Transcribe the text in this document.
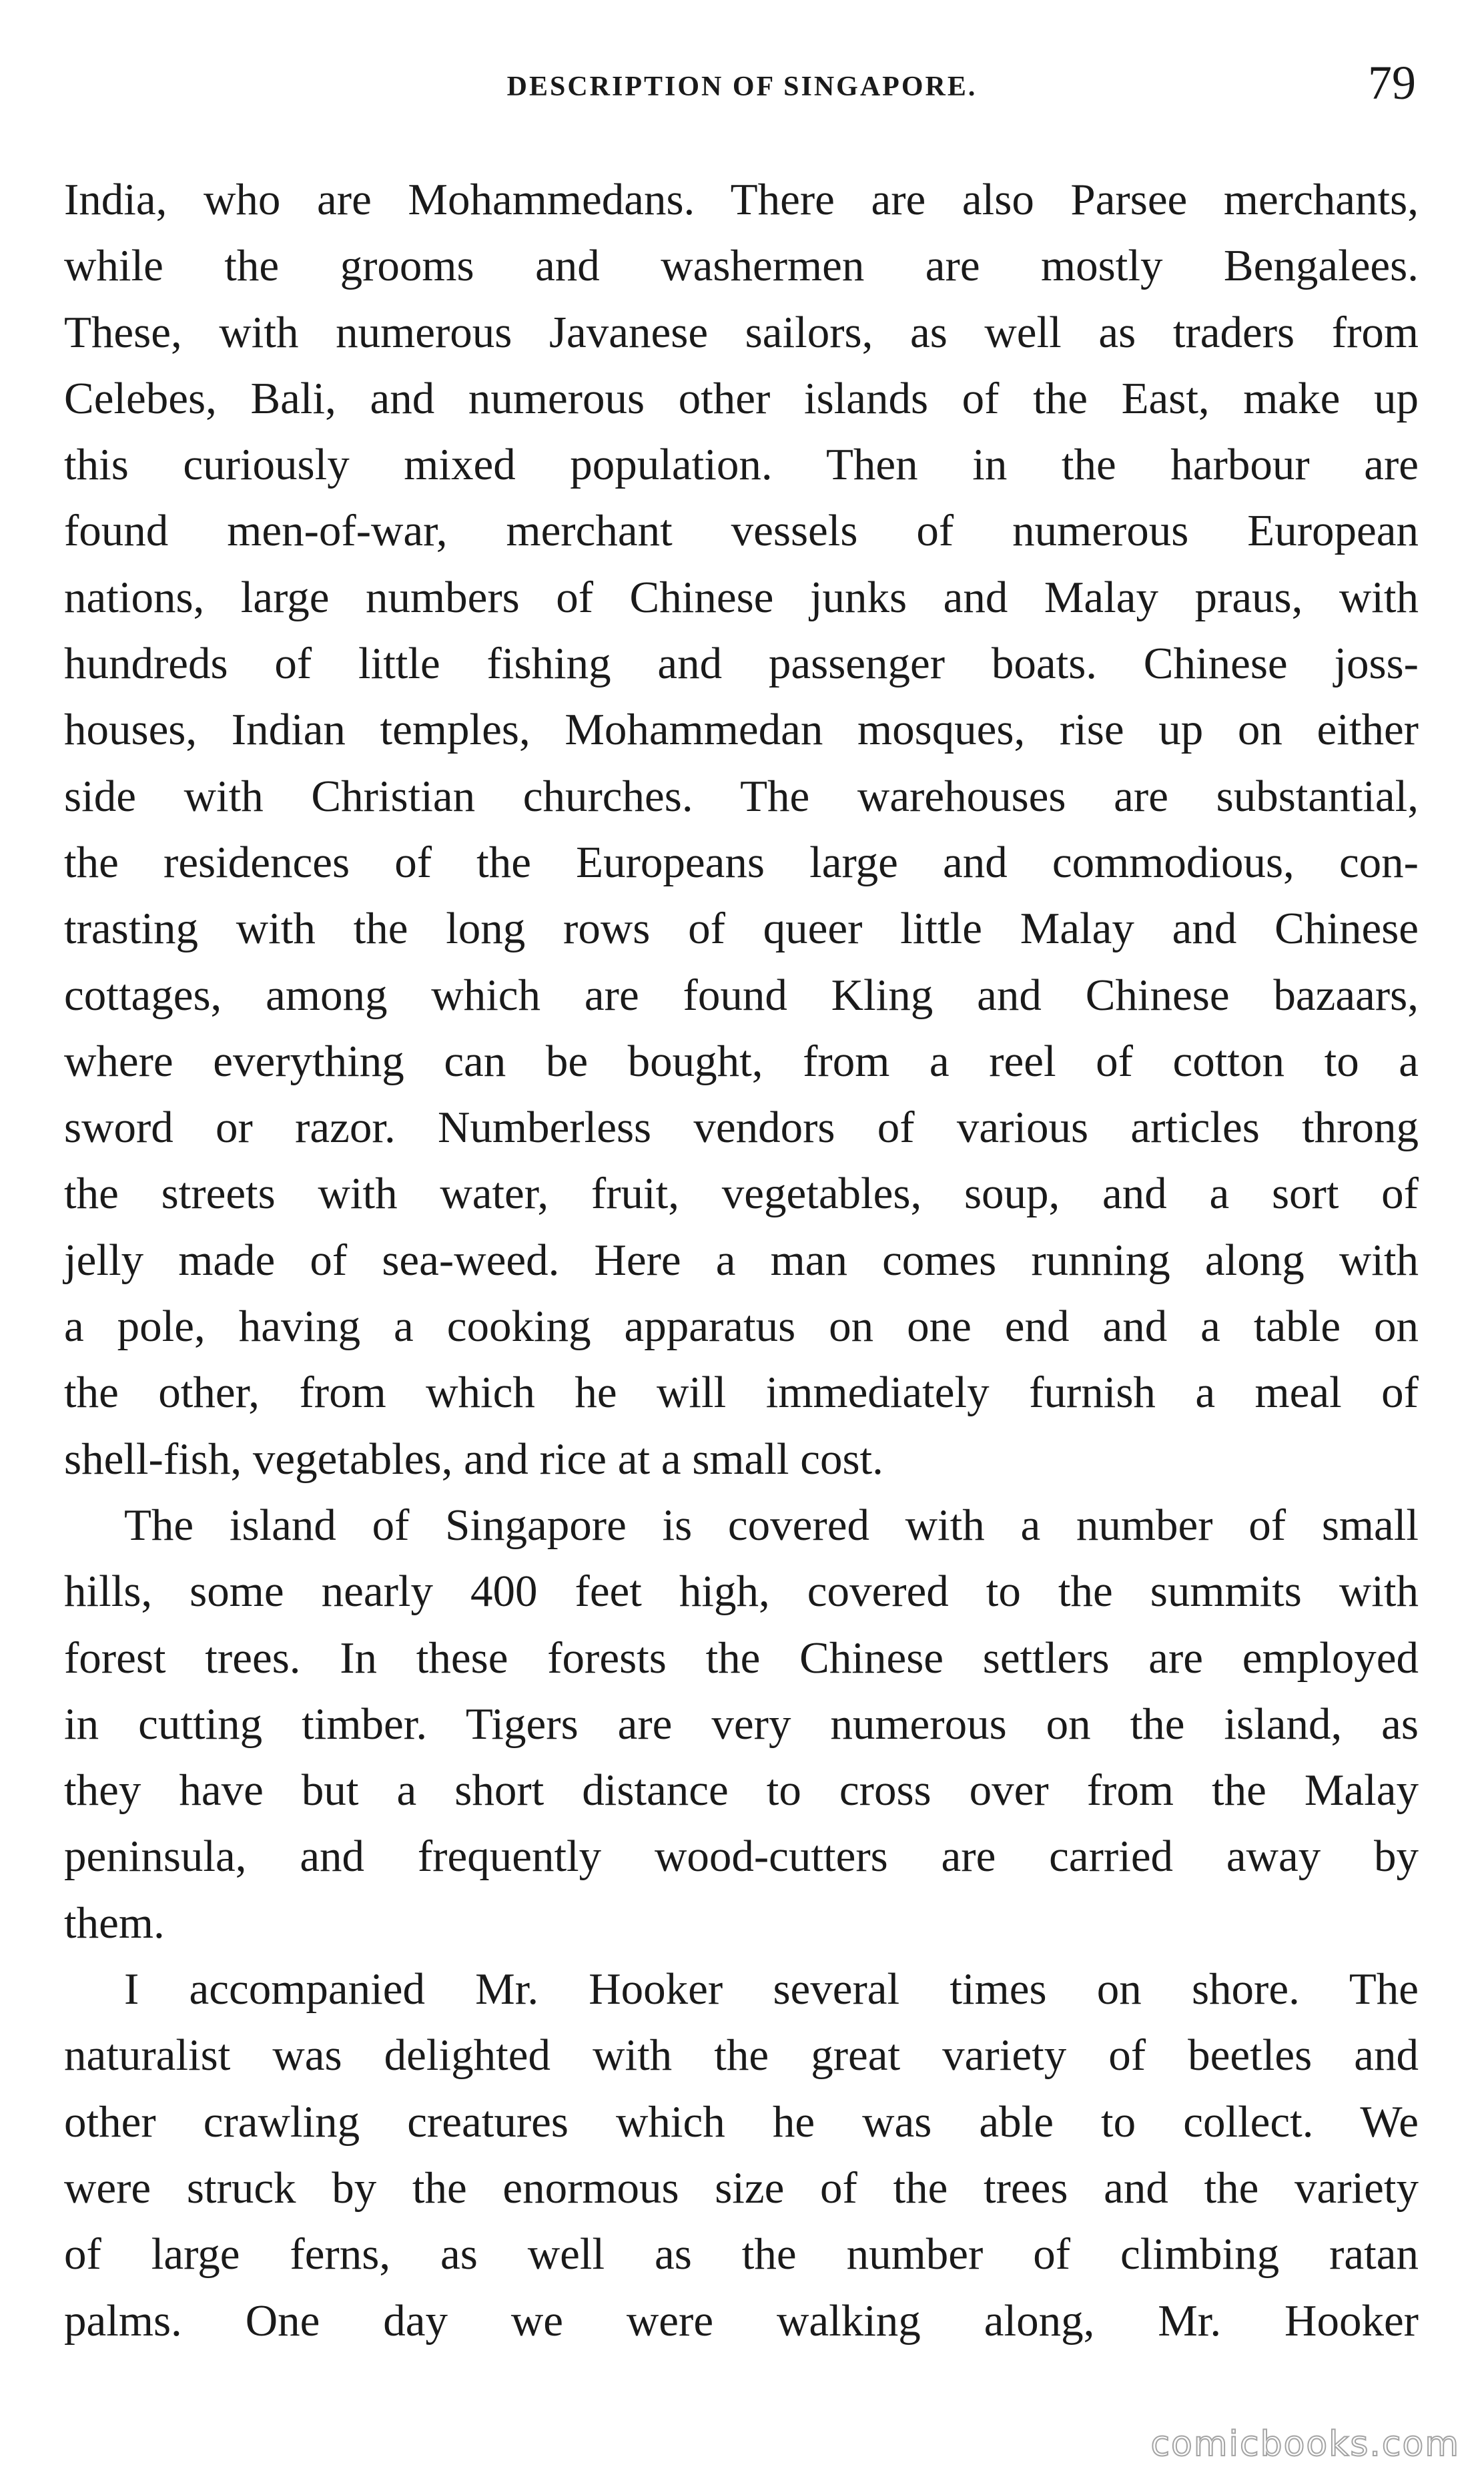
DESCRIPTION OF SINGAPORE.	79
India, who are Mohammedans. There are also Parsee merchants,
while the grooms and washermen are mostly Bengalees.
These, with numerous Javanese sailors, as well as traders from
Celebes, Bali, and numerous other islands of the East, make up
this curiously mixed population. Then in the harbour are
found men-of-war, merchant vessels of numerous European
nations, large numbers of Chinese junks and Malay praus, with
hundreds of little fishing and passenger boats. Chinese joss-
houses, Indian temples, Mohammedan mosques, rise up on either
side with Christian churches. The warehouses are substantial,
the residences of the Europeans large and commodious, con-
trasting with the long rows of queer little Malay and Chinese
cottages, among which are found Kling and Chinese bazaars,
where everything can be bought, from a reel of cotton to a
sword or razor. Numberless vendors of various articles throng
the streets with water, fruit, vegetables, soup, and a sort of
jelly made of sea-weed. Here a man comes running along with
a pole, having a cooking apparatus on one end and a table on
the other, from which he will immediately furnish a meal of
shell-fish, vegetables, and rice at a small cost.
The island of Singapore is covered with a number of small
hills, some nearly 400 feet high, covered to the summits with
forest trees. In these forests the Chinese settlers are employed
in cutting timber. Tigers are very numerous on the island, as
they have but a short distance to cross over from the Malay
peninsula, and frequently wood-cutters are carried away by
them.
I accompanied Mr. Hooker several times on shore. The
naturalist was delighted with the great variety of beetles and
other crawling creatures which he was able to collect. We
were struck by the enormous size of the trees and the variety
of large ferns, as well as the number of climbing ratan
palms. One day we were walking along, Mr. Hooker
comicbooks.com
